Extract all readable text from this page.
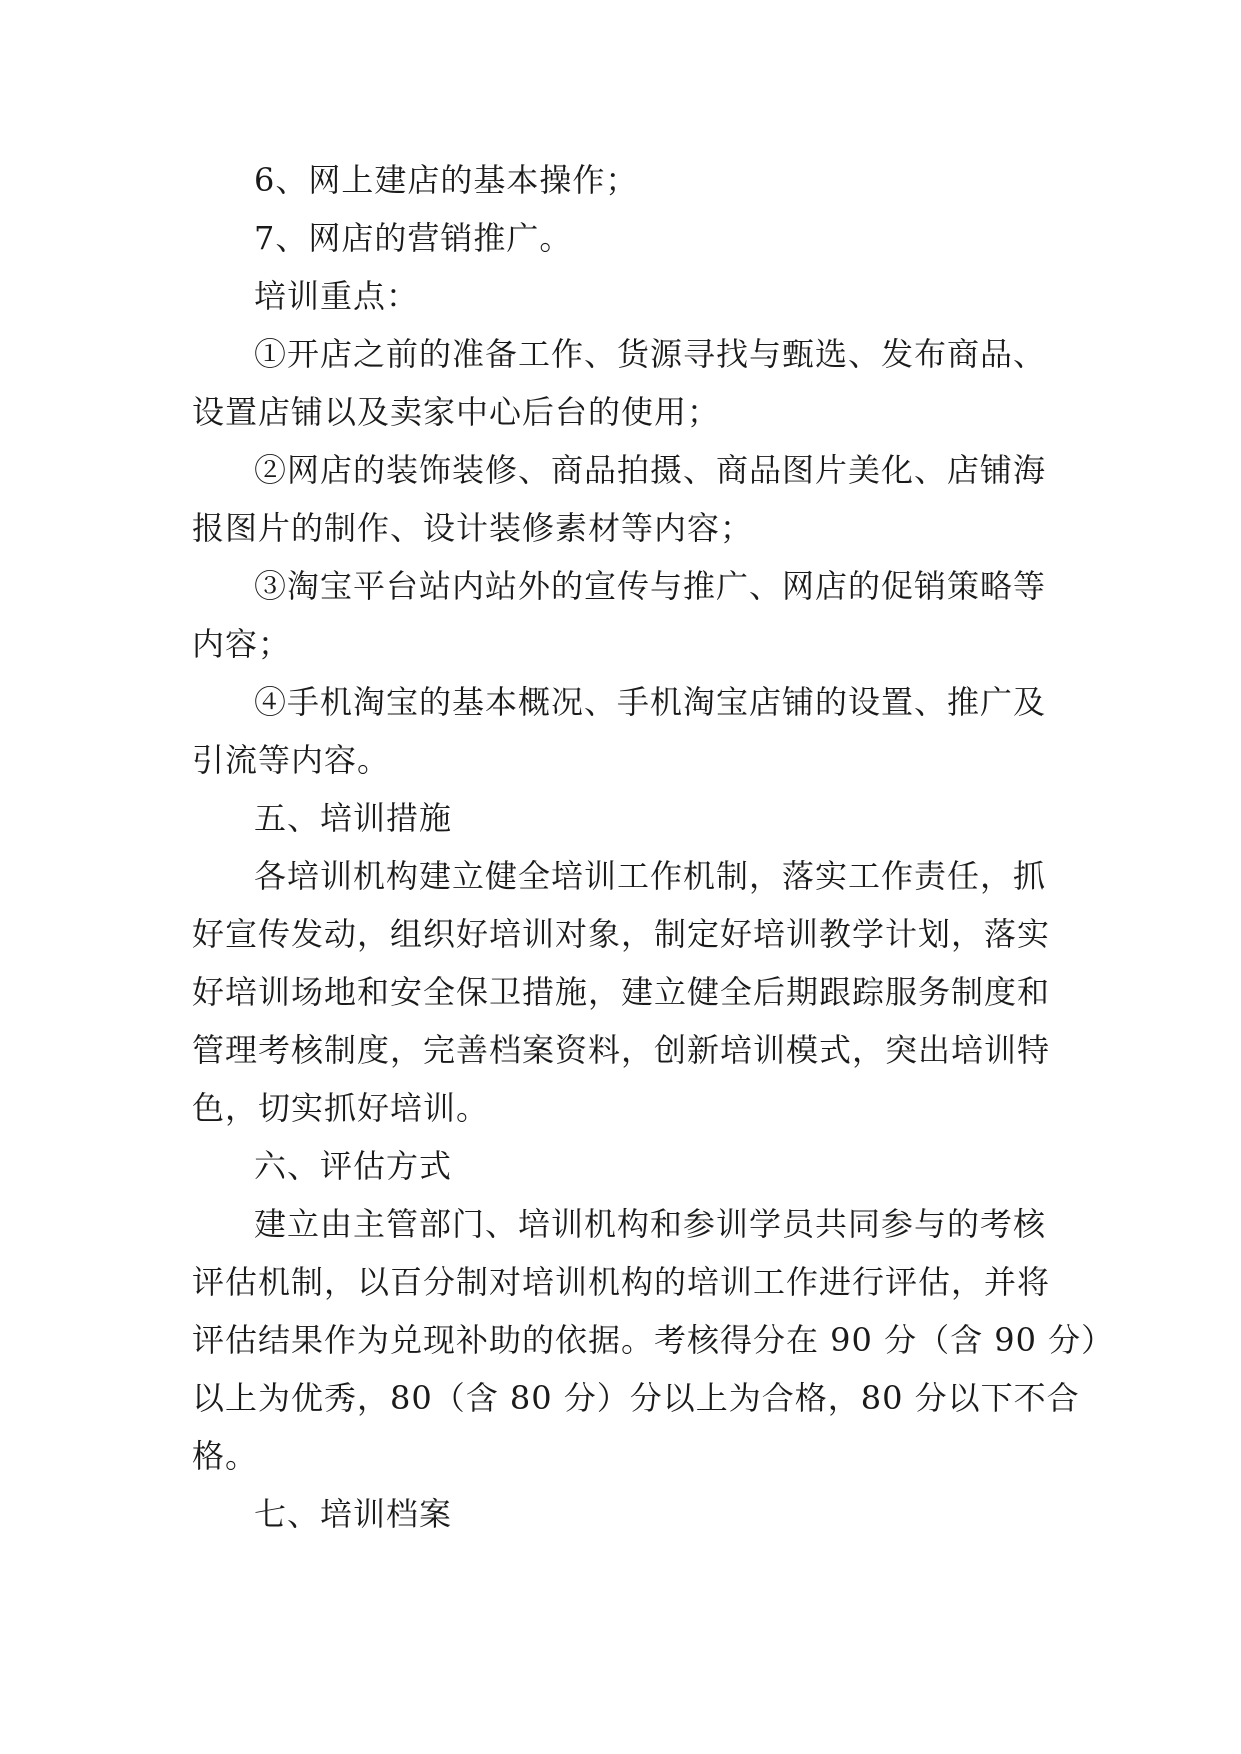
6、网上建店的基本操作；
7、网店的营销推广。
培训重点：
①开店之前的准备工作、货源寻找与甄选、发布商品、
设置店铺以及卖家中心后台的使用；
②网店的装饰装修、商品拍摄、商品图片美化、店铺海
报图片的制作、设计装修素材等内容；
③淘宝平台站内站外的宣传与推广、网店的促销策略等
内容；
④手机淘宝的基本概况、手机淘宝店铺的设置、推广及
引流等内容。
五、培训措施
各培训机构建立健全培训工作机制，落实工作责任，抓
好宣传发动，组织好培训对象，制定好培训教学计划，落实
好培训场地和安全保卫措施，建立健全后期跟踪服务制度和
管理考核制度，完善档案资料，创新培训模式，突出培训特
色，切实抓好培训。
六、评估方式
建立由主管部门、培训机构和参训学员共同参与的考核
评估机制，以百分制对培训机构的培训工作进行评估，并将
评估结果作为兑现补助的依据。考核得分在 90 分（含 90 分）
以上为优秀，80（含 80 分）分以上为合格，80 分以下不合
格。
七、培训档案
